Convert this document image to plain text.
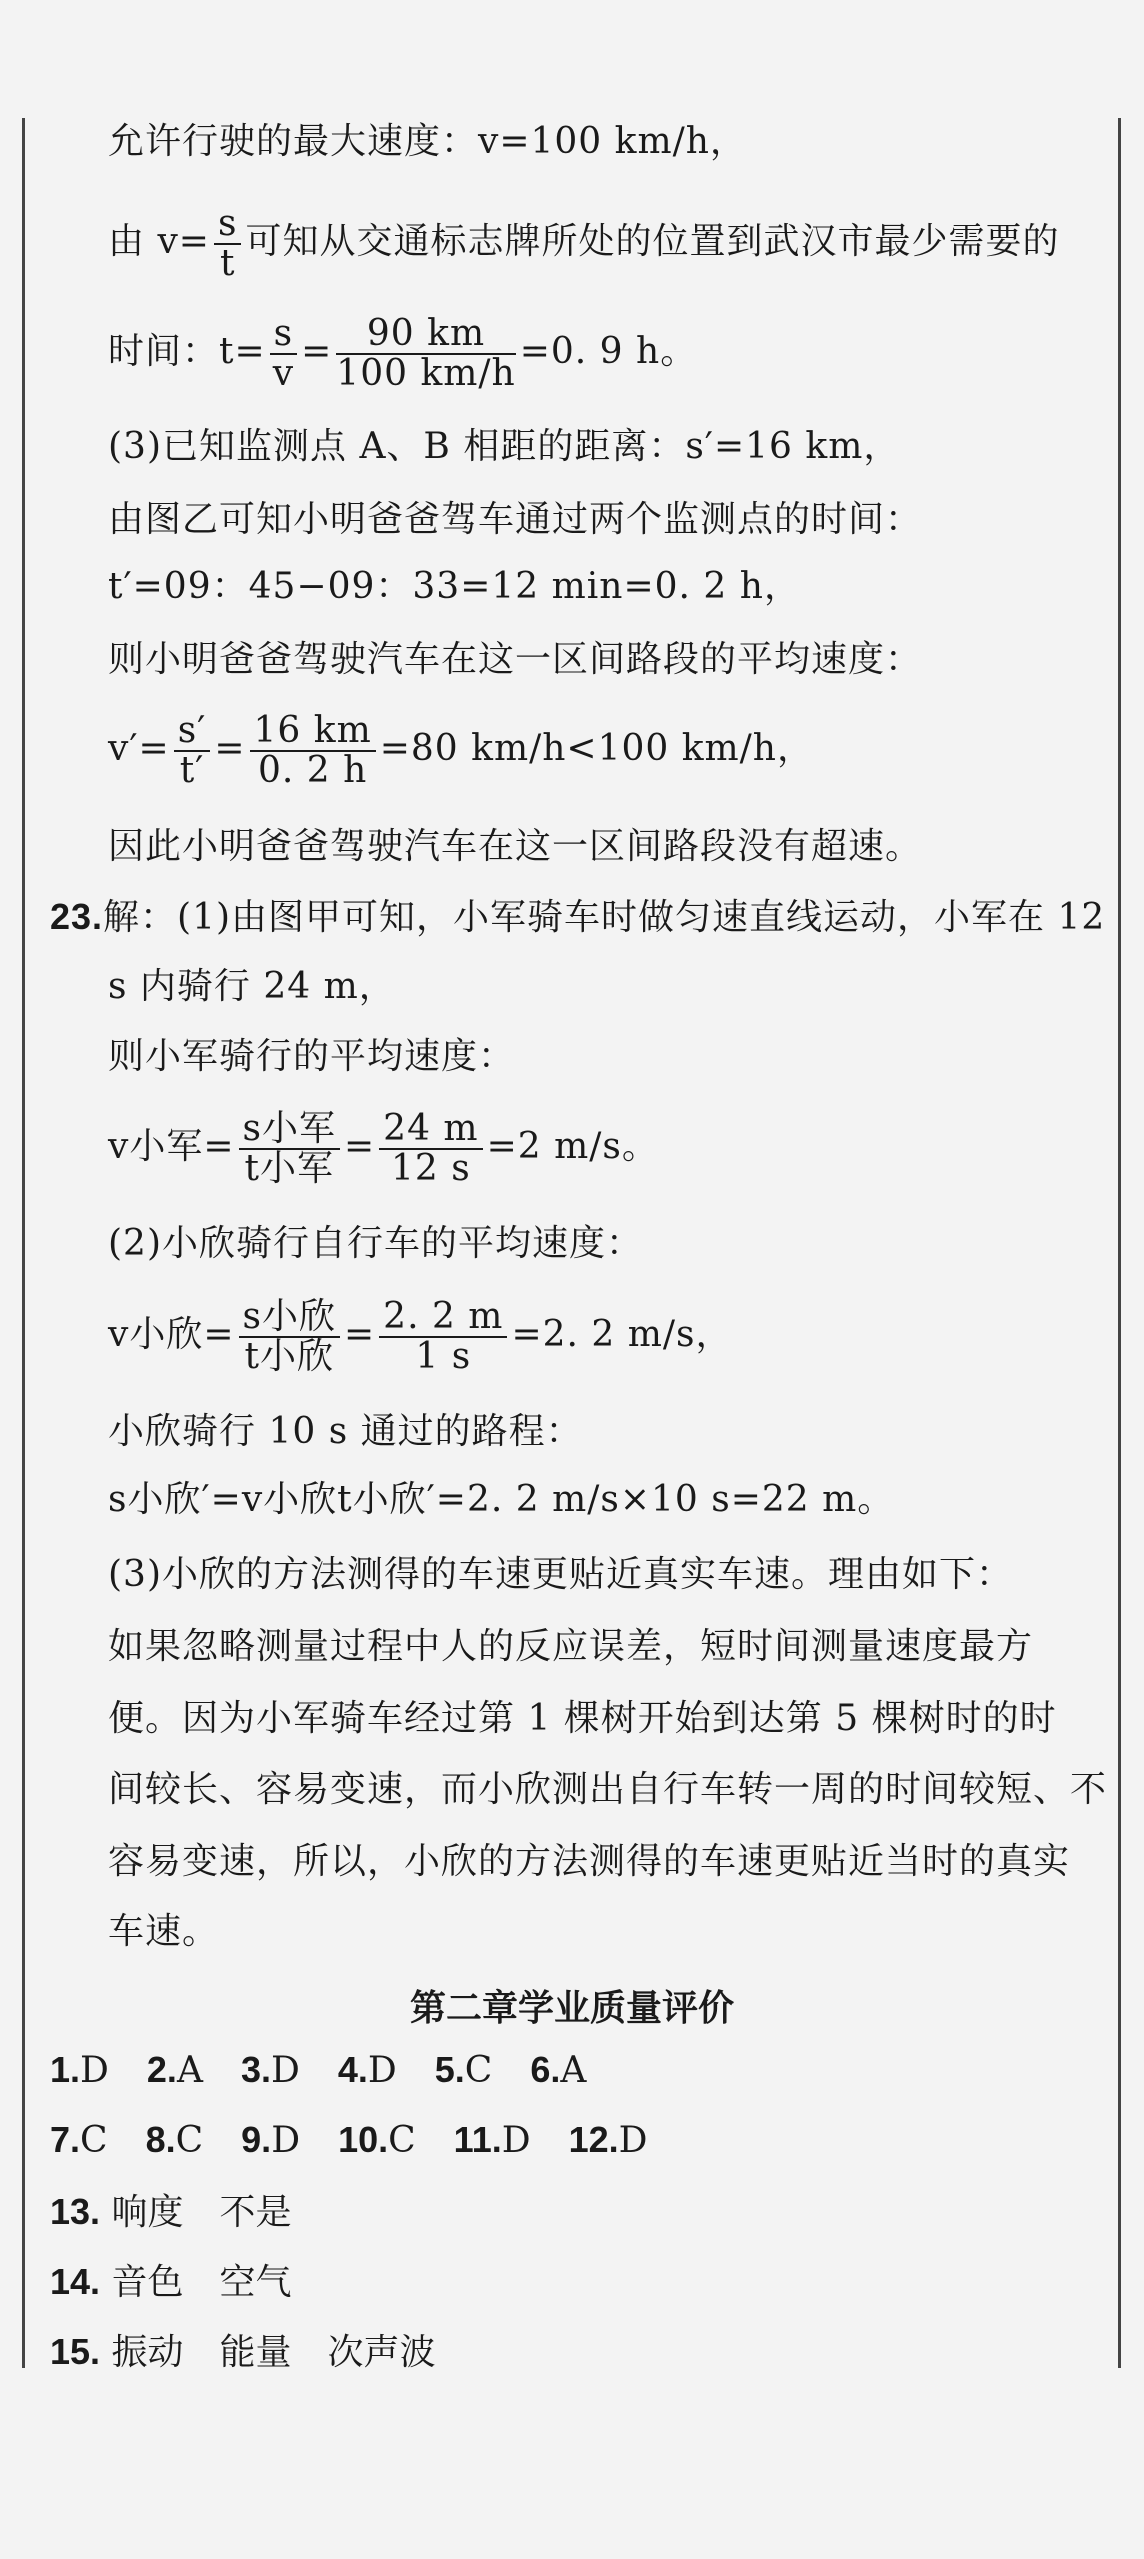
允许行驶的最大速度：v=100 km/h，
由 $v= \frac{s}{t}$ 可知从交通标志牌所处的位置到武汉市最少需要的
时间：$t= \frac{s}{v} = \frac{90 km}{100 km/h} =0$. 9 h。
(3)已知监测点 A、B 相距的距离：s′=16 km，
由图乙可知小明爸爸驾车通过两个监测点的时间：
t′=09：45−09：33=12 min=0. 2 h，
则小明爸爸驾驶汽车在这一区间路段的平均速度：
$v'= \frac{s'}{t'} = \frac{16 km}{0. 2 h} =80$ km/h<100 km/h，
因此小明爸爸驾驶汽车在这一区间路段没有超速。
23.解：(1)由图甲可知，小军骑车时做匀速直线运动，小军在 12
s 内骑行 24 m，
则小军骑行的平均速度：
v小军= $\frac{\text{s小军}}{\text{t小军}} = \frac{24 m}{12 s} =2$ m/s。
(2)小欣骑行自行车的平均速度：
v小欣= $\frac{\text{s小欣}}{\text{t小欣}} = \frac{2. 2 m}{1 s} =2$. 2 m/s，
小欣骑行 10 s 通过的路程：
s小欣′=v小欣t小欣′=2. 2 m/s×10 s=22 m。
(3)小欣的方法测得的车速更贴近真实车速。理由如下：
如果忽略测量过程中人的反应误差，短时间测量速度最方
便。因为小军骑车经过第 1 棵树开始到达第 5 棵树时的时
间较长、容易变速，而小欣测出自行车转一周的时间较短、不
容易变速，所以，小欣的方法测得的车速更贴近当时的真实
车速。
第二章学业质量评价
1.D 2.A 3.D 4.D 5.C 6.A
7.C 8.C 9.D 10.C 11.D 12.D
13. 响度　不是
14. 音色　空气
15. 振动　能量　次声波
